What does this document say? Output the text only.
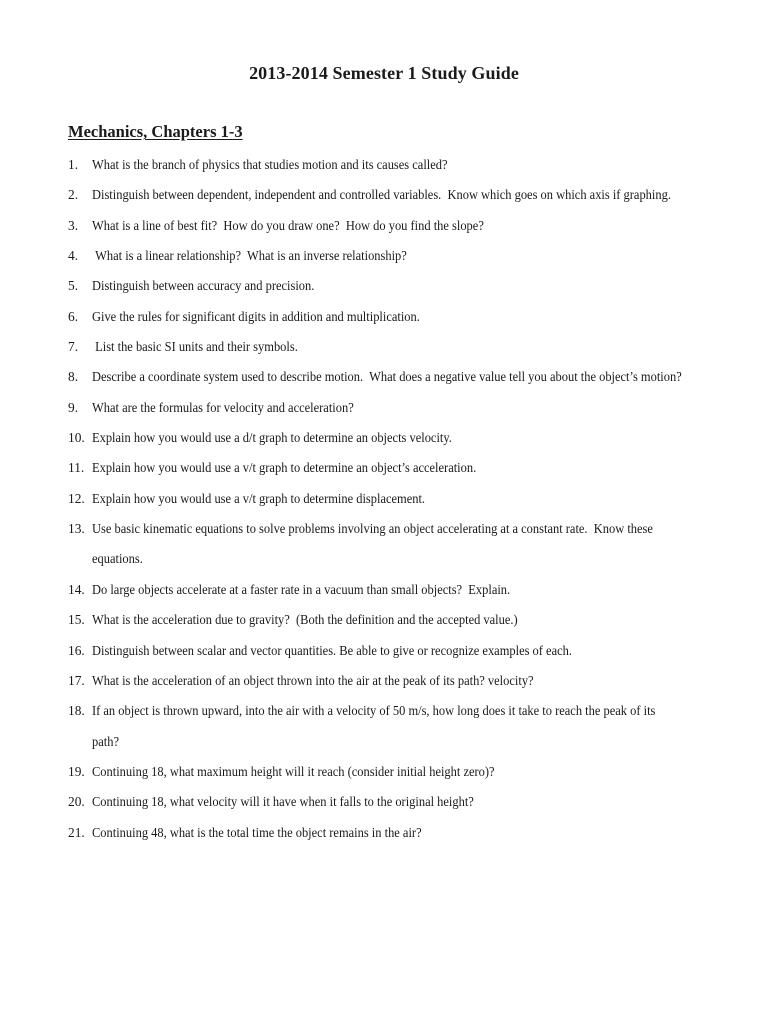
2013-2014 Semester 1 Study Guide
Mechanics, Chapters 1-3
1.	What is the branch of physics that studies motion and its causes called?
2.	Distinguish between dependent, independent and controlled variables.  Know which goes on which axis if graphing.
3.	What is a line of best fit?  How do you draw one?  How do you find the slope?
4.	What is a linear relationship?  What is an inverse relationship?
5.	Distinguish between accuracy and precision.
6.	Give the rules for significant digits in addition and multiplication.
7.	List the basic SI units and their symbols.
8.	Describe a coordinate system used to describe motion.  What does a negative value tell you about the object’s motion?
9.	What are the formulas for velocity and acceleration?
10. Explain how you would use a d/t graph to determine an objects velocity.
11. Explain how you would use a v/t graph to determine an object’s acceleration.
12. Explain how you would use a v/t graph to determine displacement.
13. Use basic kinematic equations to solve problems involving an object accelerating at a constant rate.  Know these equations.
14. Do large objects accelerate at a faster rate in a vacuum than small objects?  Explain.
15. What is the acceleration due to gravity?  (Both the definition and the accepted value.)
16. Distinguish between scalar and vector quantities. Be able to give or recognize examples of each.
17. What is the acceleration of an object thrown into the air at the peak of its path? velocity?
18. If an object is thrown upward, into the air with a velocity of 50 m/s, how long does it take to reach the peak of its path?
19. Continuing 18, what maximum height will it reach (consider initial height zero)?
20. Continuing 18, what velocity will it have when it falls to the original height?
21. Continuing 48, what is the total time the object remains in the air?
